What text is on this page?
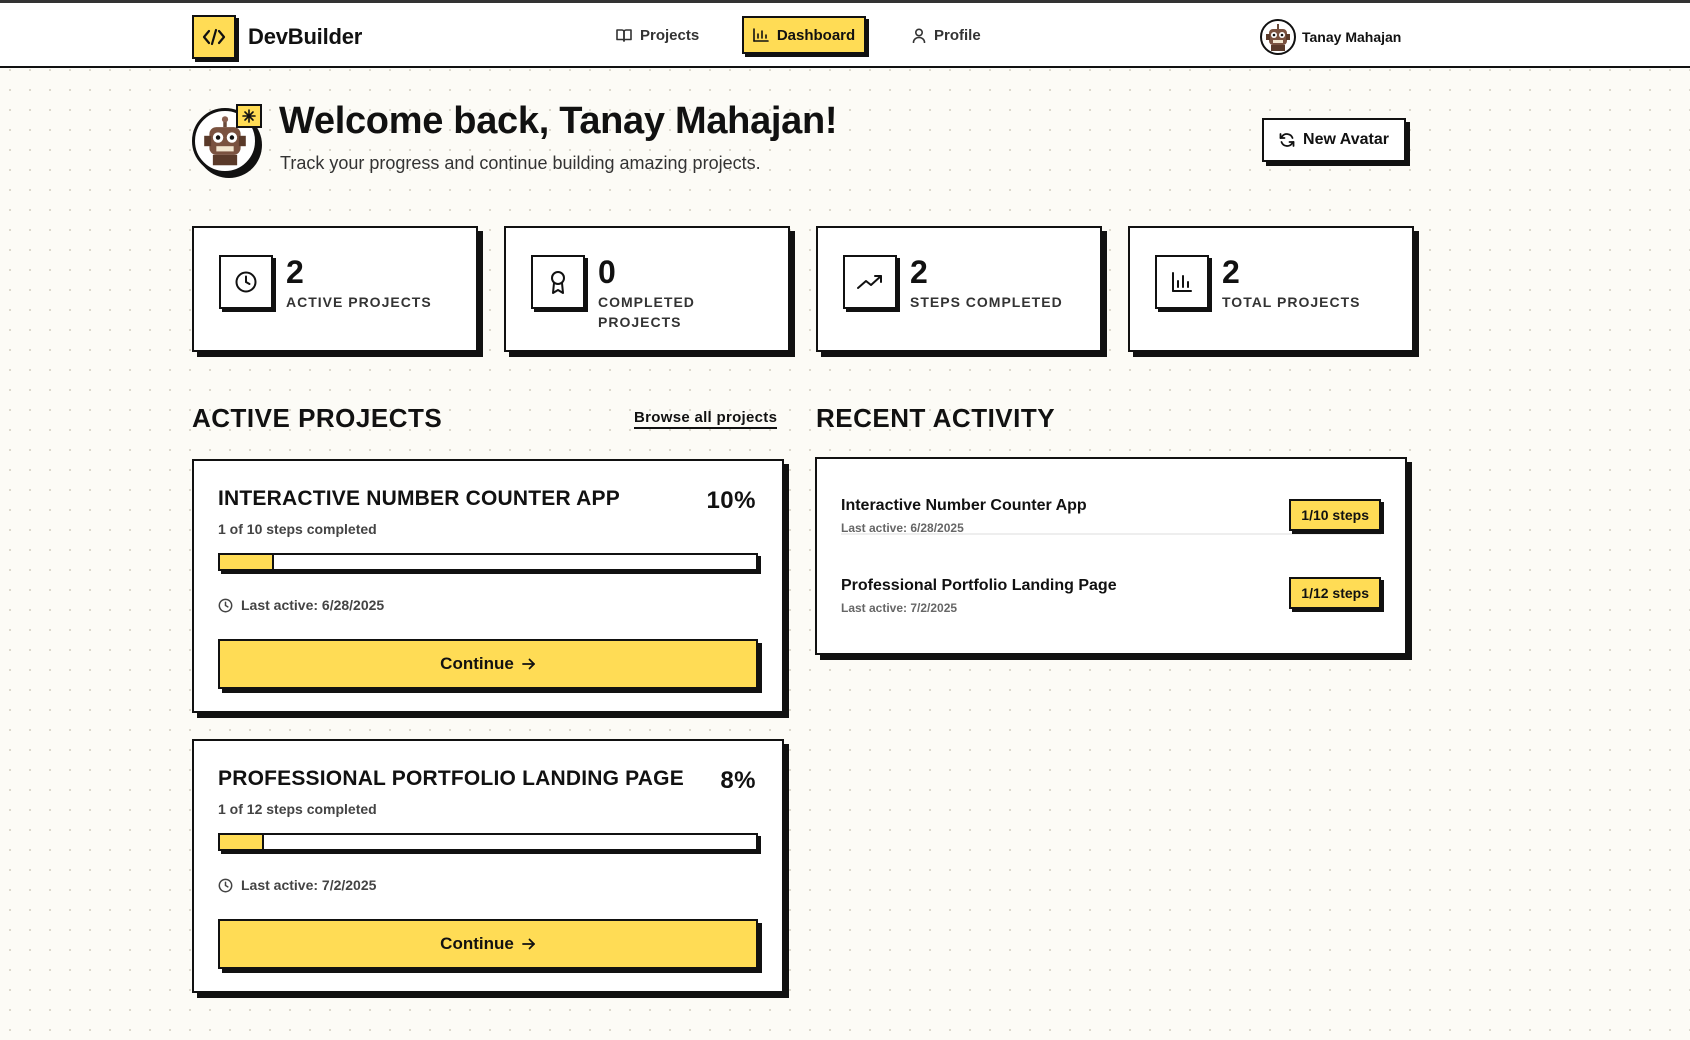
DevBuilder	Projects	Dashboard	Profile	Tanay Mahajan
Welcome back, Tanay Mahajan!

Track your progress and continue building amazing projects.

New Avatar
2
ACTIVE PROJECTS
0
COMPLETED PROJECTS
2
STEPS COMPLETED
2
TOTAL PROJECTS
ACTIVE PROJECTS	Browse all projects RECENT ACTIVITY
INTERACTIVE NUMBER COUNTER APP	10%
1 of 10 steps completed
Last active: 6/28/2025
Continue
PROFESSIONAL PORTFOLIO LANDING PAGE 8%
1 of 12 steps completed
Last active: 7/2/2025
Continue
Interactive Number Counter App
Last active: 6/28/2025
1/10 steps
Professional Portfolio Landing Page
Last active: 7/2/2025
1/12 steps
